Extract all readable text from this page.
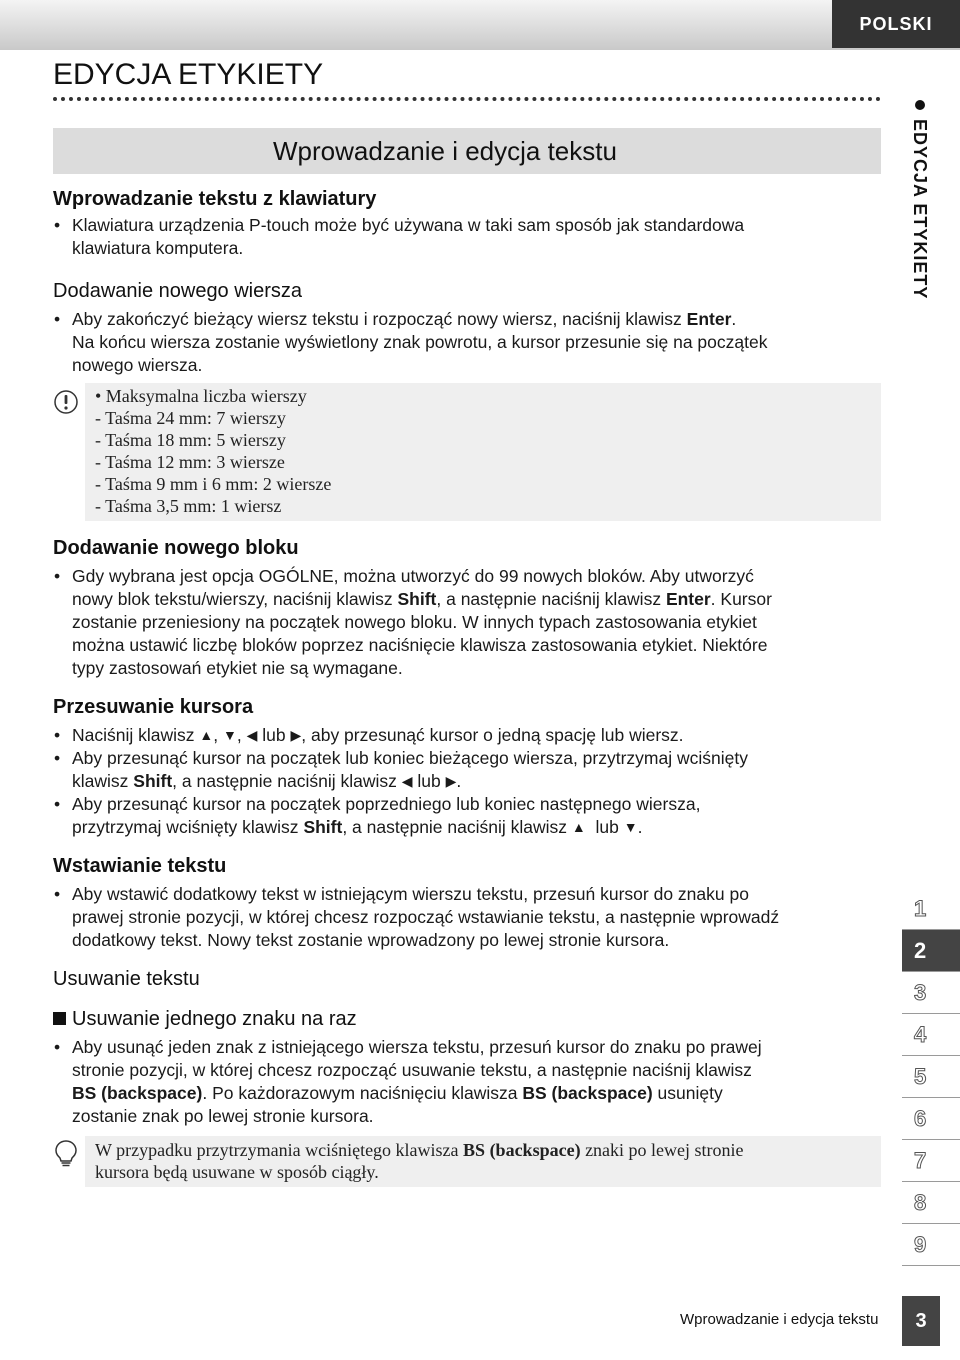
POLSKI
EDYCJA ETYKIETY
Wprowadzanie i edycja tekstu
Wprowadzanie tekstu z klawiatury
• Klawiatura urządzenia P-touch może być używana w taki sam sposób jak standardowa
klawiatura komputera.
Dodawanie nowego wiersza
• Aby zakończyć bieżący wiersz tekstu i rozpocząć nowy wiersz, naciśnij klawisz Enter.
Na końcu wiersza zostanie wyświetlony znak powrotu, a kursor przesunie się na początek
nowego wiersza.
• Maksymalna liczba wierszy
- Taśma 24 mm: 7 wierszy
- Taśma 18 mm: 5 wierszy
- Taśma 12 mm: 3 wiersze
- Taśma 9 mm i 6 mm: 2 wiersze
- Taśma 3,5 mm: 1 wiersz
Dodawanie nowego bloku
• Gdy wybrana jest opcja OGÓLNE, można utworzyć do 99 nowych bloków. Aby utworzyć
nowy blok tekstu/wierszy, naciśnij klawisz Shift, a następnie naciśnij klawisz Enter. Kursor
zostanie przeniesiony na początek nowego bloku. W innych typach zastosowania etykiet
można ustawić liczbę bloków poprzez naciśnięcie klawisza zastosowania etykiet. Niektóre
typy zastosowań etykiet nie są wymagane.
Przesuwanie kursora
• Naciśnij klawisz ▲, ▼, ◀ lub ▶, aby przesunąć kursor o jedną spację lub wiersz.
• Aby przesunąć kursor na początek lub koniec bieżącego wiersza, przytrzymaj wciśnięty
klawisz Shift, a następnie naciśnij klawisz ◀ lub ▶.
• Aby przesunąć kursor na początek poprzedniego lub koniec następnego wiersza,
przytrzymaj wciśnięty klawisz Shift, a następnie naciśnij klawisz ▲ lub ▼.
Wstawianie tekstu
• Aby wstawić dodatkowy tekst w istniejącym wierszu tekstu, przesuń kursor do znaku po
prawej stronie pozycji, w której chcesz rozpocząć wstawianie tekstu, a następnie wprowadź
dodatkowy tekst. Nowy tekst zostanie wprowadzony po lewej stronie kursora.
Usuwanie tekstu
Usuwanie jednego znaku na raz
• Aby usunąć jeden znak z istniejącego wiersza tekstu, przesuń kursor do znaku po prawej
stronie pozycji, w której chcesz rozpocząć usuwanie tekstu, a następnie naciśnij klawisz
BS (backspace). Po każdorazowym naciśnięciu klawisza BS (backspace) usunięty
zostanie znak po lewej stronie kursora.
W przypadku przytrzymania wciśniętego klawisza BS (backspace) znaki po lewej stronie
kursora będą usuwane w sposób ciągły.
EDYCJA ETYKIETY
1
2
3
4
5
6
7
8
9
Wprowadzanie i edycja tekstu	3
